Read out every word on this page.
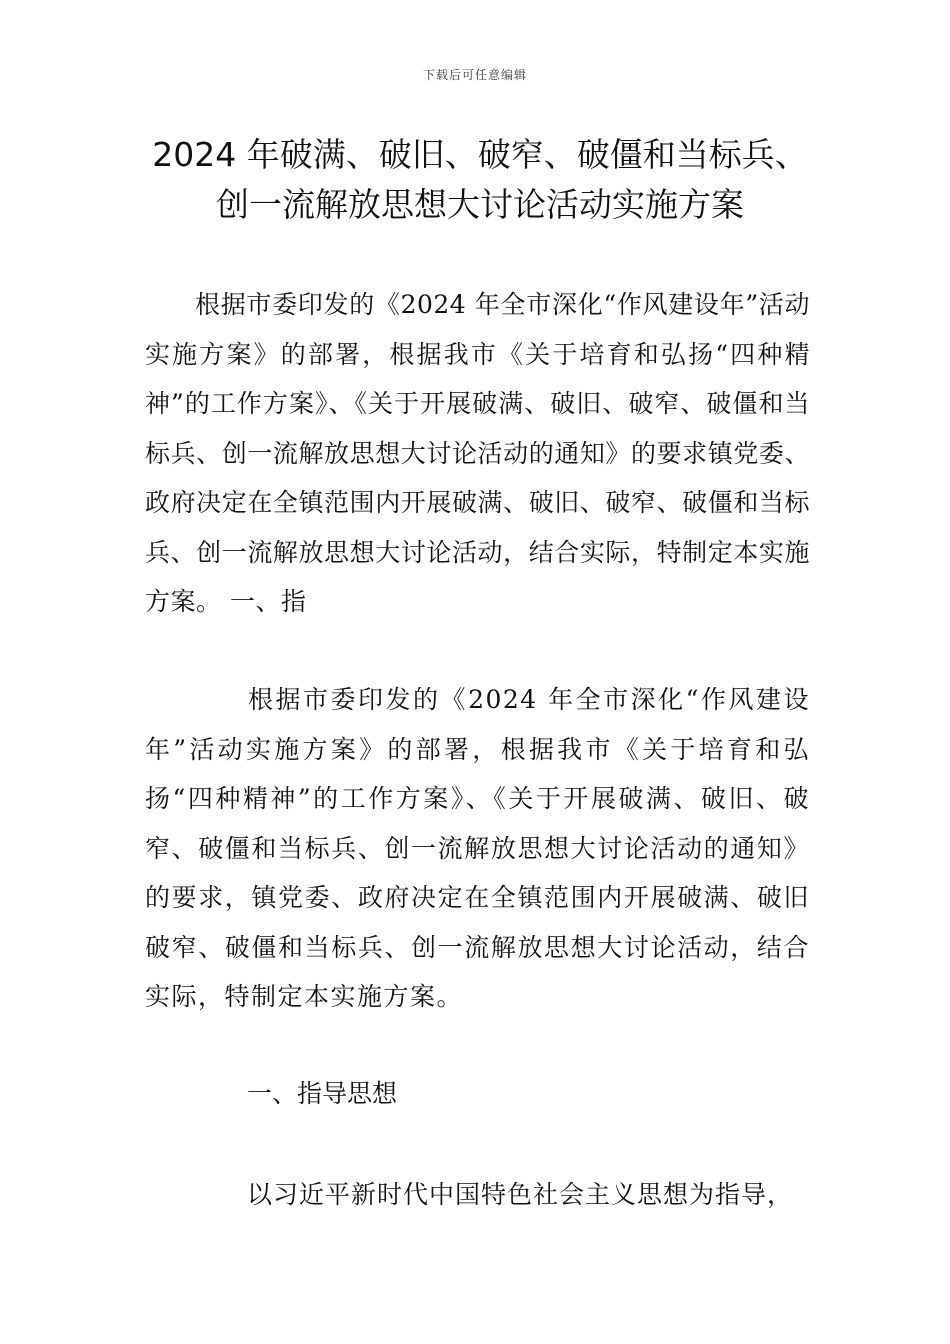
下载后可任意编辑
2024 年破满、破旧、破窄、破僵和当标兵、
创一流解放思想大讨论活动实施方案
根据市委印发的《2024 年全市深化“作风建设年”活动实施方案》的部署，根据我市《关于培育和弘扬“四种精神”的工作方案》、《关于开展破满、破旧、破窄、破僵和当标兵、创一流解放思想大讨论活动的通知》的要求镇党委、政府决定在全镇范围内开展破满、破旧、破窄、破僵和当标兵、创一流解放思想大讨论活动，结合实际，特制定本实施方案。 一、指
根据市委印发的《2024 年全市深化“作风建设年”活动实施方案》的部署，根据我市《关于培育和弘扬“四种精神”的工作方案》、《关于开展破满、破旧、破窄、破僵和当标兵、创一流解放思想大讨论活动的通知》的要求，镇党委、政府决定在全镇范围内开展破满、破旧破窄、破僵和当标兵、创一流解放思想大讨论活动，结合实际，特制定本实施方案。
一、指导思想
以习近平新时代中国特色社会主义思想为指导，
